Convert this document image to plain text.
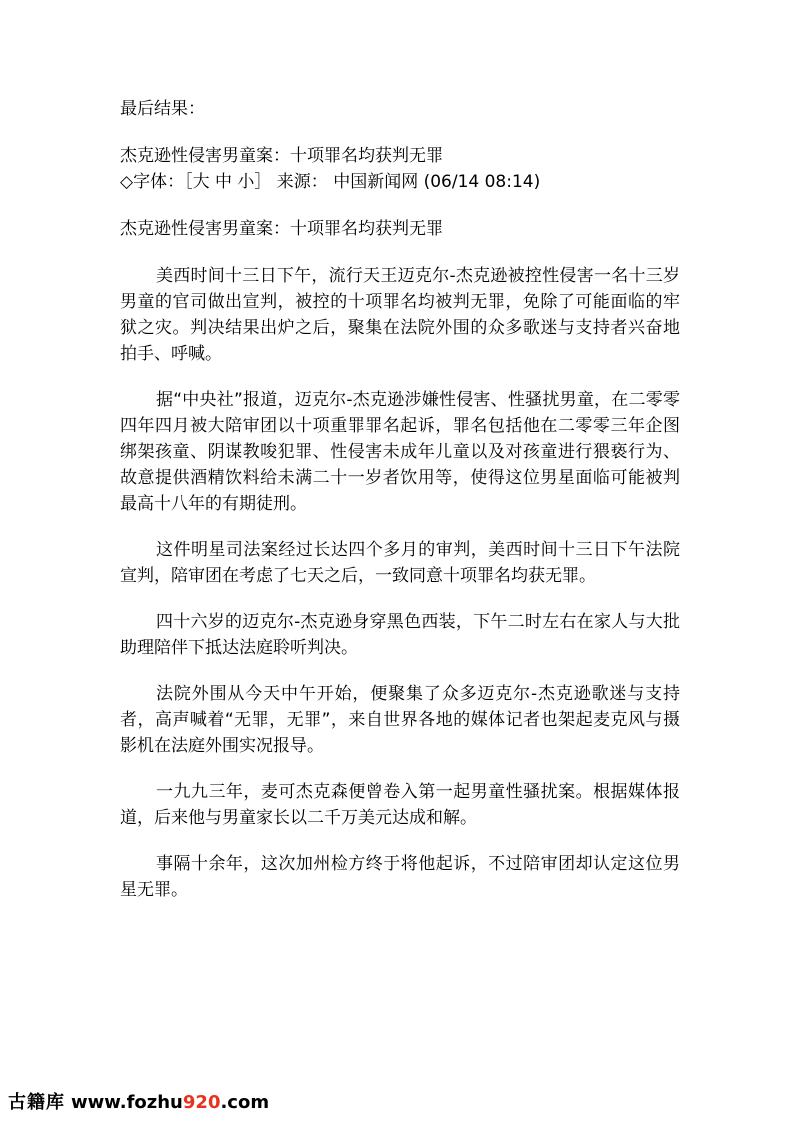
最后结果：

杰克逊性侵害男童案：十项罪名均获判无罪

◇字体：［大 中 小］ 来源： 中国新闻网 (06/14 08:14)

杰克逊性侵害男童案：十项罪名均获判无罪

美西时间十三日下午，流行天王迈克尔-杰克逊被控性侵害一名十三岁男童的官司做出宣判，被控的十项罪名均被判无罪，免除了可能面临的牢狱之灾。判决结果出炉之后，聚集在法院外围的众多歌迷与支持者兴奋地拍手、呼喊。

据“中央社”报道，迈克尔-杰克逊涉嫌性侵害、性骚扰男童，在二零零四年四月被大陪审团以十项重罪罪名起诉，罪名包括他在二零零三年企图绑架孩童、阴谋教唆犯罪、性侵害未成年儿童以及对孩童进行猥亵行为、故意提供酒精饮料给未满二十一岁者饮用等，使得这位男星面临可能被判最高十八年的有期徒刑。

这件明星司法案经过长达四个多月的审判，美西时间十三日下午法院宣判，陪审团在考虑了七天之后，一致同意十项罪名均获无罪。

四十六岁的迈克尔-杰克逊身穿黑色西装，下午二时左右在家人与大批助理陪伴下抵达法庭聆听判决。

法院外围从今天中午开始，便聚集了众多迈克尔-杰克逊歌迷与支持者，高声喊着“无罪，无罪”，来自世界各地的媒体记者也架起麦克风与摄影机在法庭外围实况报导。

一九九三年，麦可杰克森便曾卷入第一起男童性骚扰案。根据媒体报道，后来他与男童家长以二千万美元达成和解。

事隔十余年，这次加州检方终于将他起诉，不过陪审团却认定这位男星无罪。

古籍库 www.fozhu920.com
